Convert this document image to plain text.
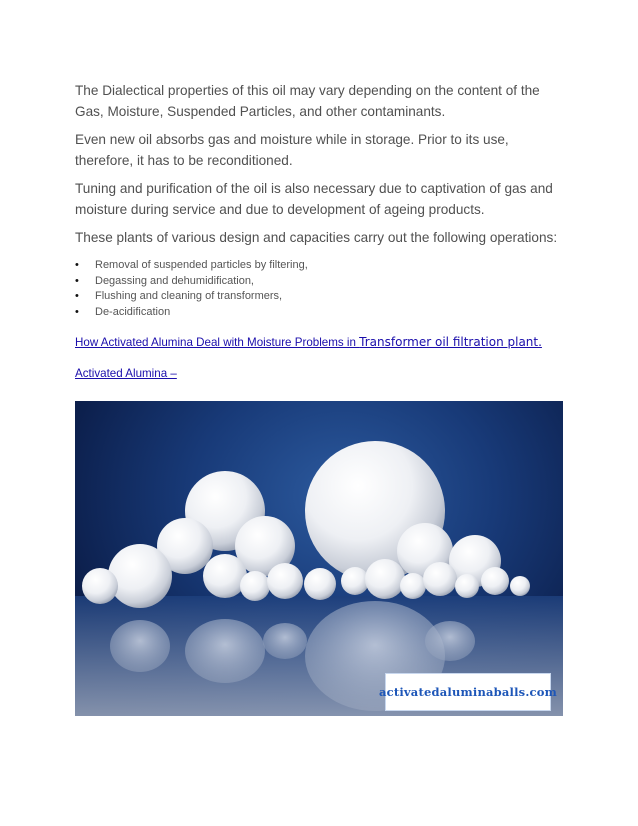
The Dialectical properties of this oil may vary depending on the content of the Gas, Moisture, Suspended Particles, and other contaminants.

Even new oil absorbs gas and moisture while in storage. Prior to its use, therefore, it has to be reconditioned.

Tuning and purification of the oil is also necessary due to captivation of gas and moisture during service and due to development of ageing products.

These plants of various design and capacities carry out the following operations:

• Removal of suspended particles by filtering,
• Degassing and dehumidification,
• Flushing and cleaning of transformers,
• De-acidification
How Activated Alumina Deal with Moisture Problems in Transformer oil filtration plant.
Activated Alumina –
activatedaluminaballs.com
